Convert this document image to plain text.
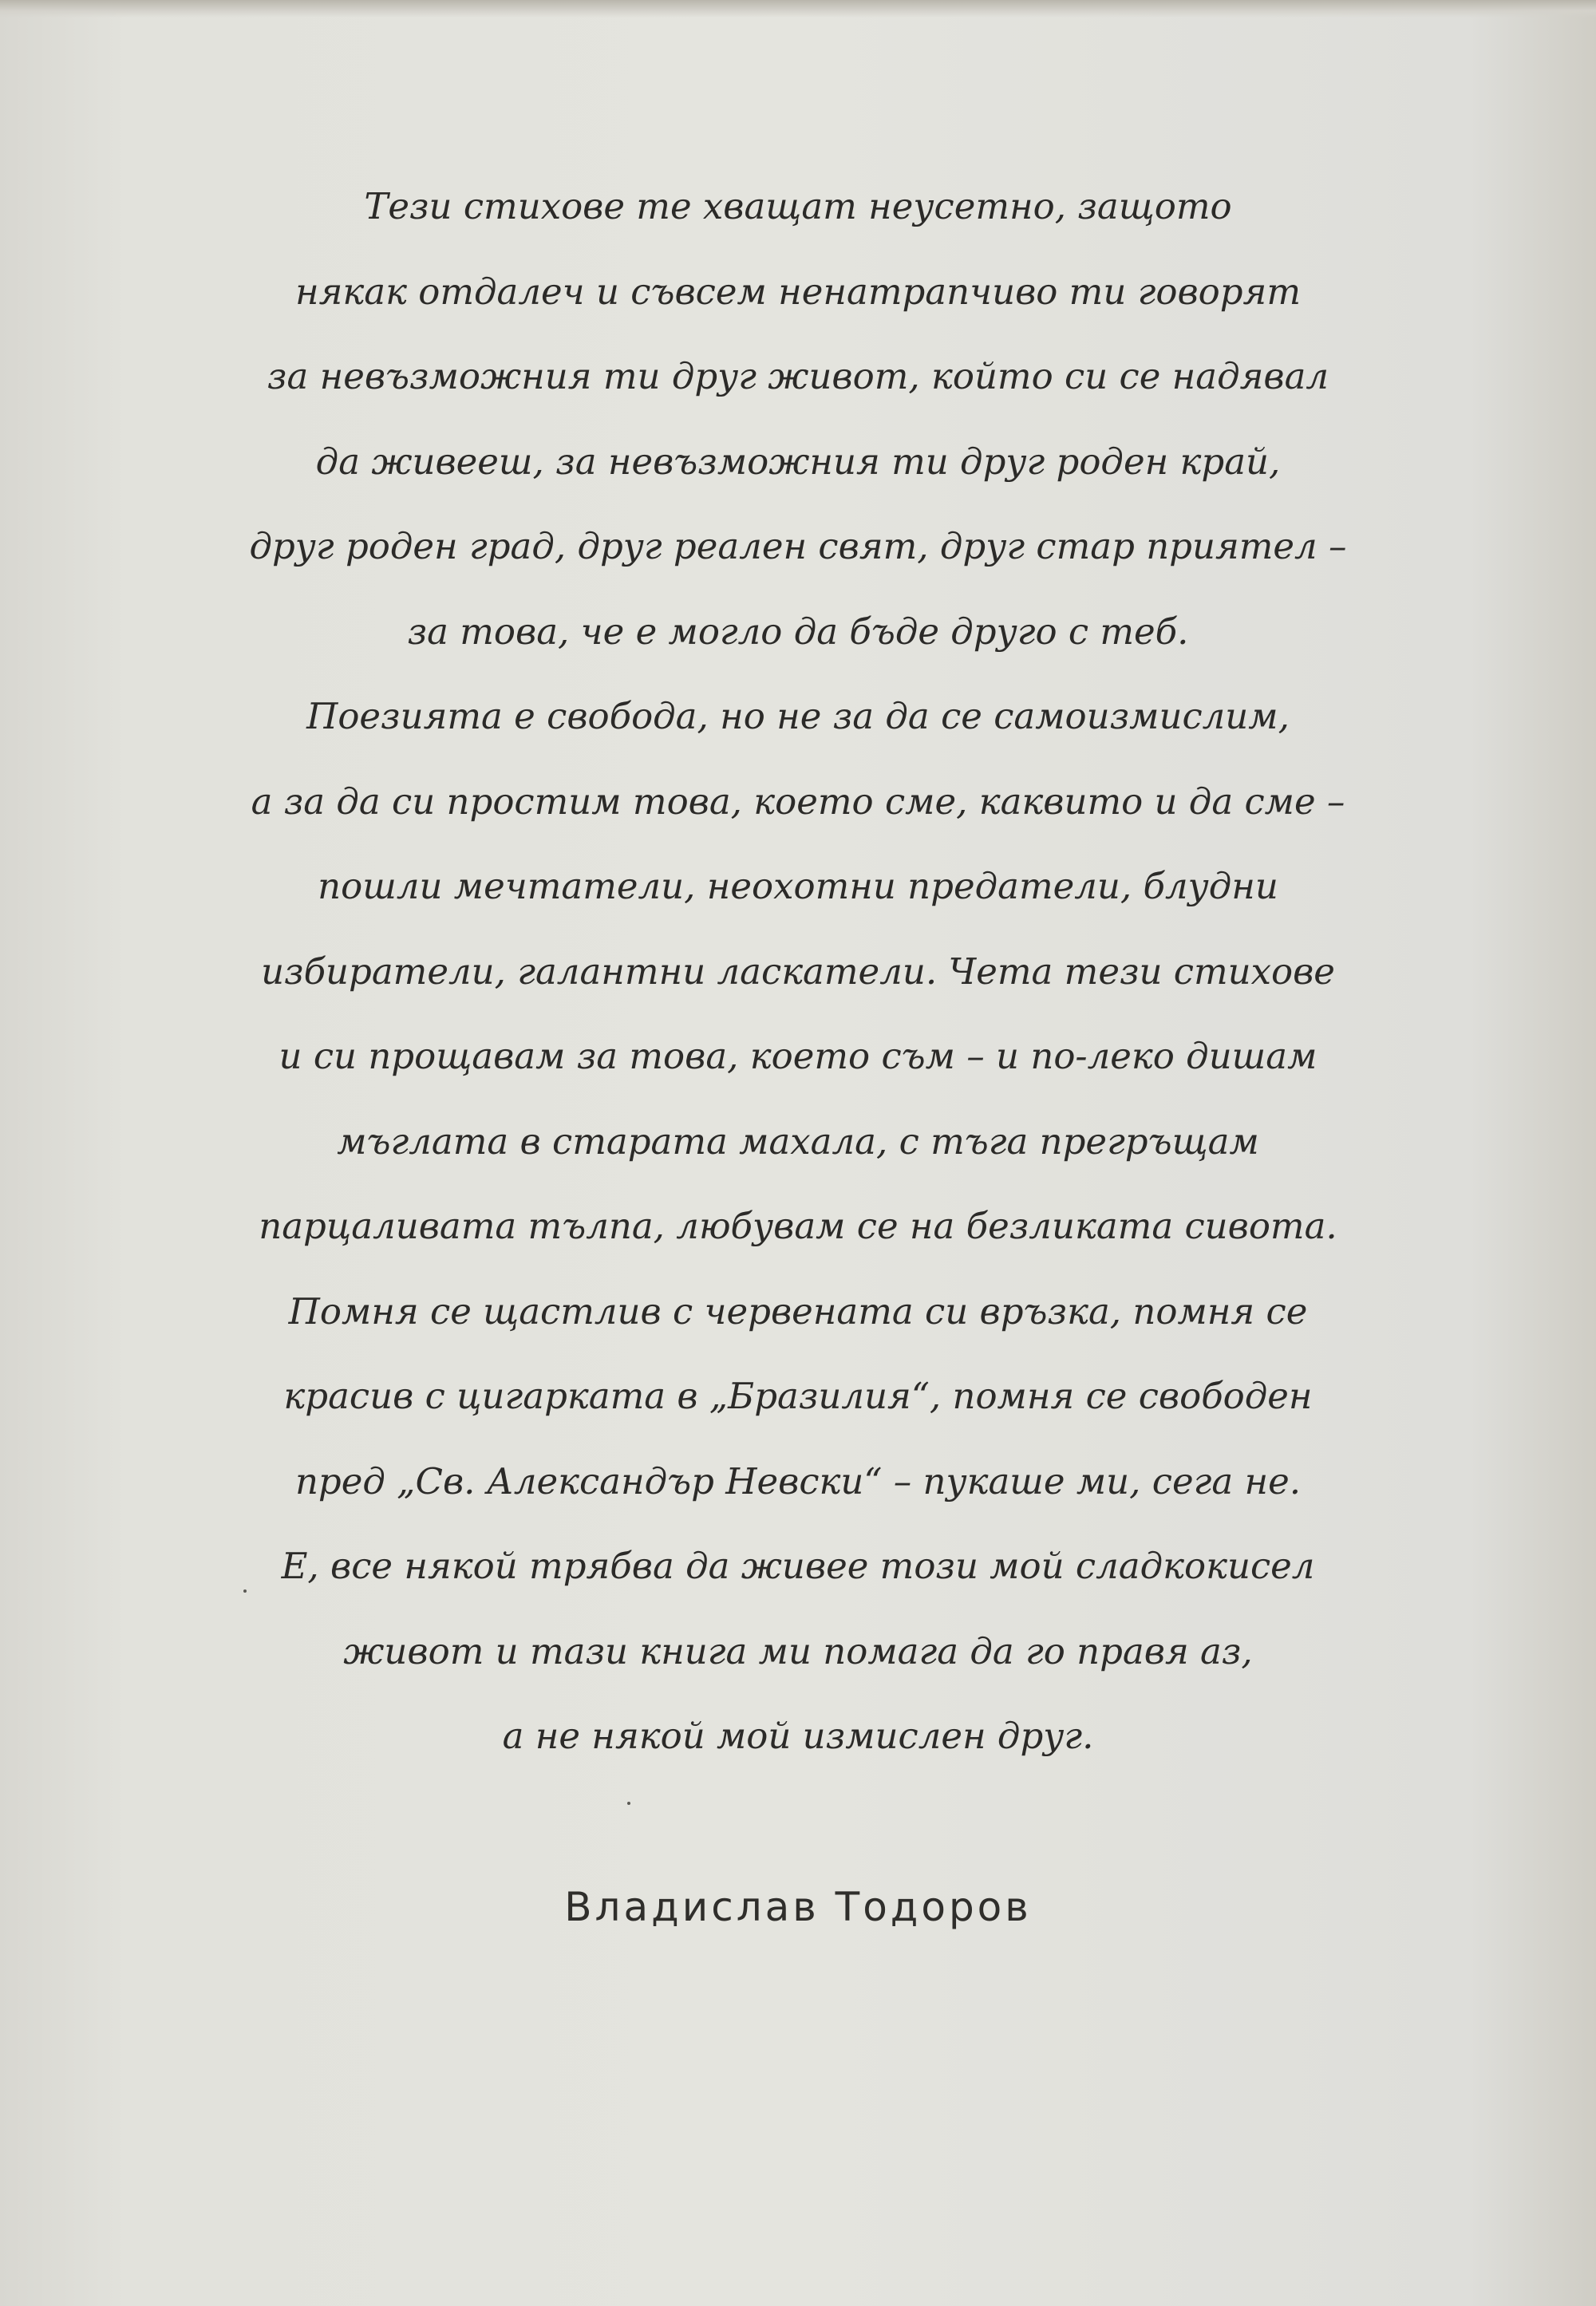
Тези стихове те хващат неусетно, защото
някак отдалеч и съвсем ненатрапчиво ти говорят
за невъзможния ти друг живот, който си се надявал
да живееш, за невъзможния ти друг роден край,
друг роден град, друг реален свят, друг стар приятел –
за това, че е могло да бъде друго с теб.
Поезията е свобода, но не за да се самоизмислим,
а за да си простим това, което сме, каквито и да сме –
пошли мечтатели, неохотни предатели, блудни
избиратели, галантни ласкатели. Чета тези стихове
и си прощавам за това, което съм – и по-леко дишам
мъглата в старата махала, с тъга прегръщам
парцаливата тълпа, любувам се на безликата сивота.
Помня се щастлив с червената си връзка, помня се
красив с цигарката в „Бразилия“, помня се свободен
пред „Св. Александър Невски“ – пукаше ми, сега не.
Е, все някой трябва да живее този мой сладкокисел
живот и тази книга ми помага да го правя аз,
а не някой мой измислен друг.
Владислав Тодоров
